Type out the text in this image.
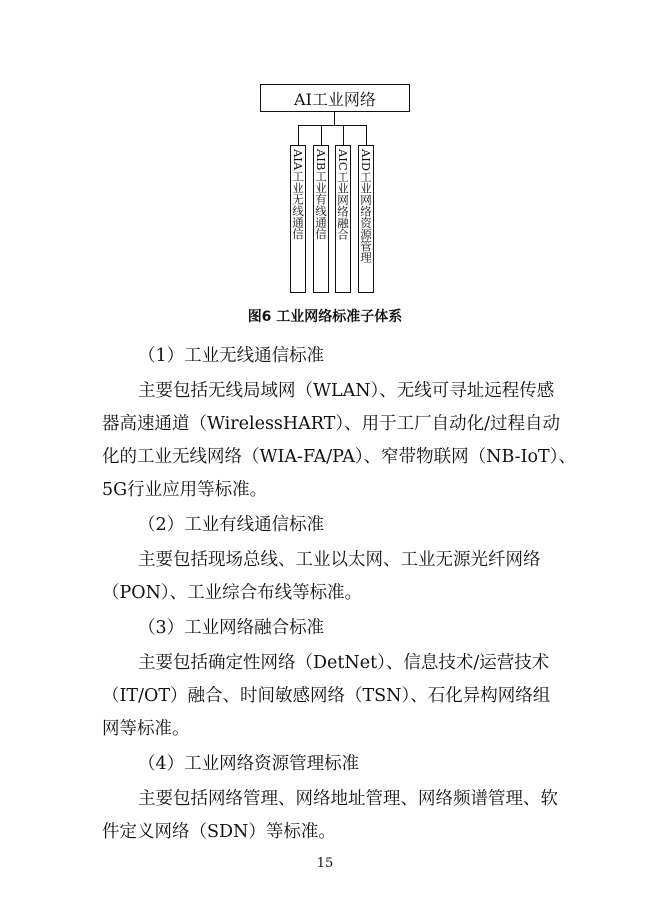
AI工业网络
AIA工业无线通信 AIB工业有线通信 AIC工业网络融合 AID工业网络资源管理
图6 工业网络标准子体系
（1）工业无线通信标准
主要包括无线局域网（WLAN）、无线可寻址远程传感
器高速通道（WirelessHART）、用于工厂自动化/过程自动
化的工业无线网络（WIA-FA/PA）、窄带物联网（NB-IoT）、
5G行业应用等标准。
（2）工业有线通信标准
主要包括现场总线、工业以太网、工业无源光纤网络
（PON）、工业综合布线等标准。
（3）工业网络融合标准
主要包括确定性网络（DetNet）、信息技术/运营技术
（IT/OT）融合、时间敏感网络（TSN）、石化异构网络组
网等标准。
（4）工业网络资源管理标准
主要包括网络管理、网络地址管理、网络频谱管理、软
件定义网络（SDN）等标准。
15
